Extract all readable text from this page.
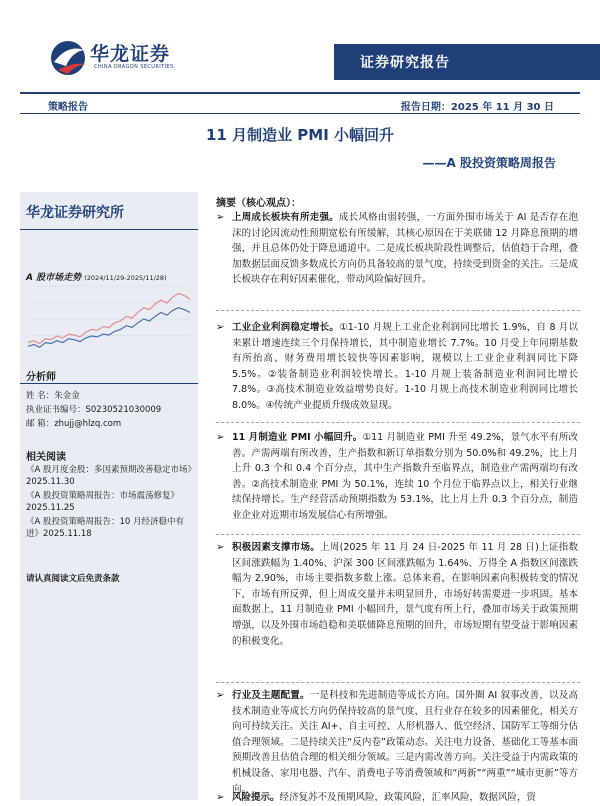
华龙证券
CHINA DRAGON SECURITIES	证券研究报告
策略报告	报告日期：2025 年 11 月 30 日
11 月制造业 PMI 小幅回升
——A 股投资策略周报告
华龙证券研究所
A 股市场走势 (2024/11/29-2025/11/28)
分析师
姓 名：朱金金
执业证书编号：S0230521030009
邮 箱：zhujj@hlzq.com
相关阅读
《A 股月度金股：多因素预期改善稳定市场》2025.11.30
《A 股投资策略周报告：市场震荡修复》2025.11.25
《A 股投资策略周报告：10 月经济稳中有进》2025.11.18
请认真阅读文后免责条款
摘要（核心观点）：
➢ 上周成长板块有所走强。成长风格由弱转强，一方面外围市场关于 AI 是否存在泡沫的讨论因流动性预期宽松有所缓解，其核心原因在于美联储 12 月降息预期的增强，并且总体仍处于降息通道中。二是成长板块阶段性调整后，估值趋于合理，叠加数据层面反馈多数成长方向仍具备较高的景气度，持续受到资金的关注。三是成长板块存在利好因素催化，带动风险偏好回升。
➢ 工业企业利润稳定增长。①1-10 月规上工业企业利润同比增长 1.9%，自 8 月以来累计增速连续三个月保持增长，其中制造业增长 7.7%。10 月受上年同期基数有所抬高、财务费用增长较快等因素影响，规模以上工业企业利润同比下降 5.5%。②装备制造业利润较快增长。1-10 月规上装备制造业利润同比增长 7.8%。③高技术制造业效益增势良好。1-10 月规上高技术制造业利润同比增长 8.0%。④传统产业提质升级成效显现。
➢ 11 月制造业 PMI 小幅回升。①11 月制造业 PMI 升至 49.2%，景气水平有所改善。产需两端有所改善，生产指数和新订单指数分别为 50.0%和 49.2%，比上月上升 0.3 个和 0.4 个百分点，其中生产指数升至临界点，制造业产需两端均有改善。②高技术制造业 PMI 为 50.1%，连续 10 个月位于临界点以上，相关行业继续保持增长。生产经营活动预期指数为 53.1%，比上月上升 0.3 个百分点，制造业企业对近期市场发展信心有所增强。
➢ 积极因素支撑市场。上周(2025 年 11 月 24 日-2025 年 11 月 28 日)上证指数区间涨跌幅为 1.40%、沪深 300 区间涨跌幅为 1.64%、万得全 A 指数区间涨跌幅为 2.90%，市场主要指数多数上涨。总体来看，在影响因素向积极转变的情况下，市场有所反弹，但上周成交量并未明显回升，市场好转需要进一步巩固。基本面数据上，11 月制造业 PMI 小幅回升，景气度有所上行，叠加市场关于政策预期增强，以及外围市场趋稳和美联储降息预期的回升，市场短期有望受益于影响因素的积极变化。
➢ 行业及主题配置。一是科技和先进制造等成长方向。国外圈 AI 叙事改善，以及高技术制造业等成长方向仍保持较高的景气度，且行业存在较多的因素催化，相关方向可持续关注。关注 AI+、自主可控、人形机器人、低空经济、国防军工等细分估值合理领域。二是持续关注“反内卷”政策动态。关注电力设备、基础化工等基本面预期改善且估值合理的相关细分领域。三是内需改善方向。关注受益于内需政策的机械设备、家用电器、汽车、消费电子等消费领域和“两新”“两重”“城市更新”等方向。
➢ 风险提示。经济复苏不及预期风险，政策风险，汇率风险，数据风险，资
